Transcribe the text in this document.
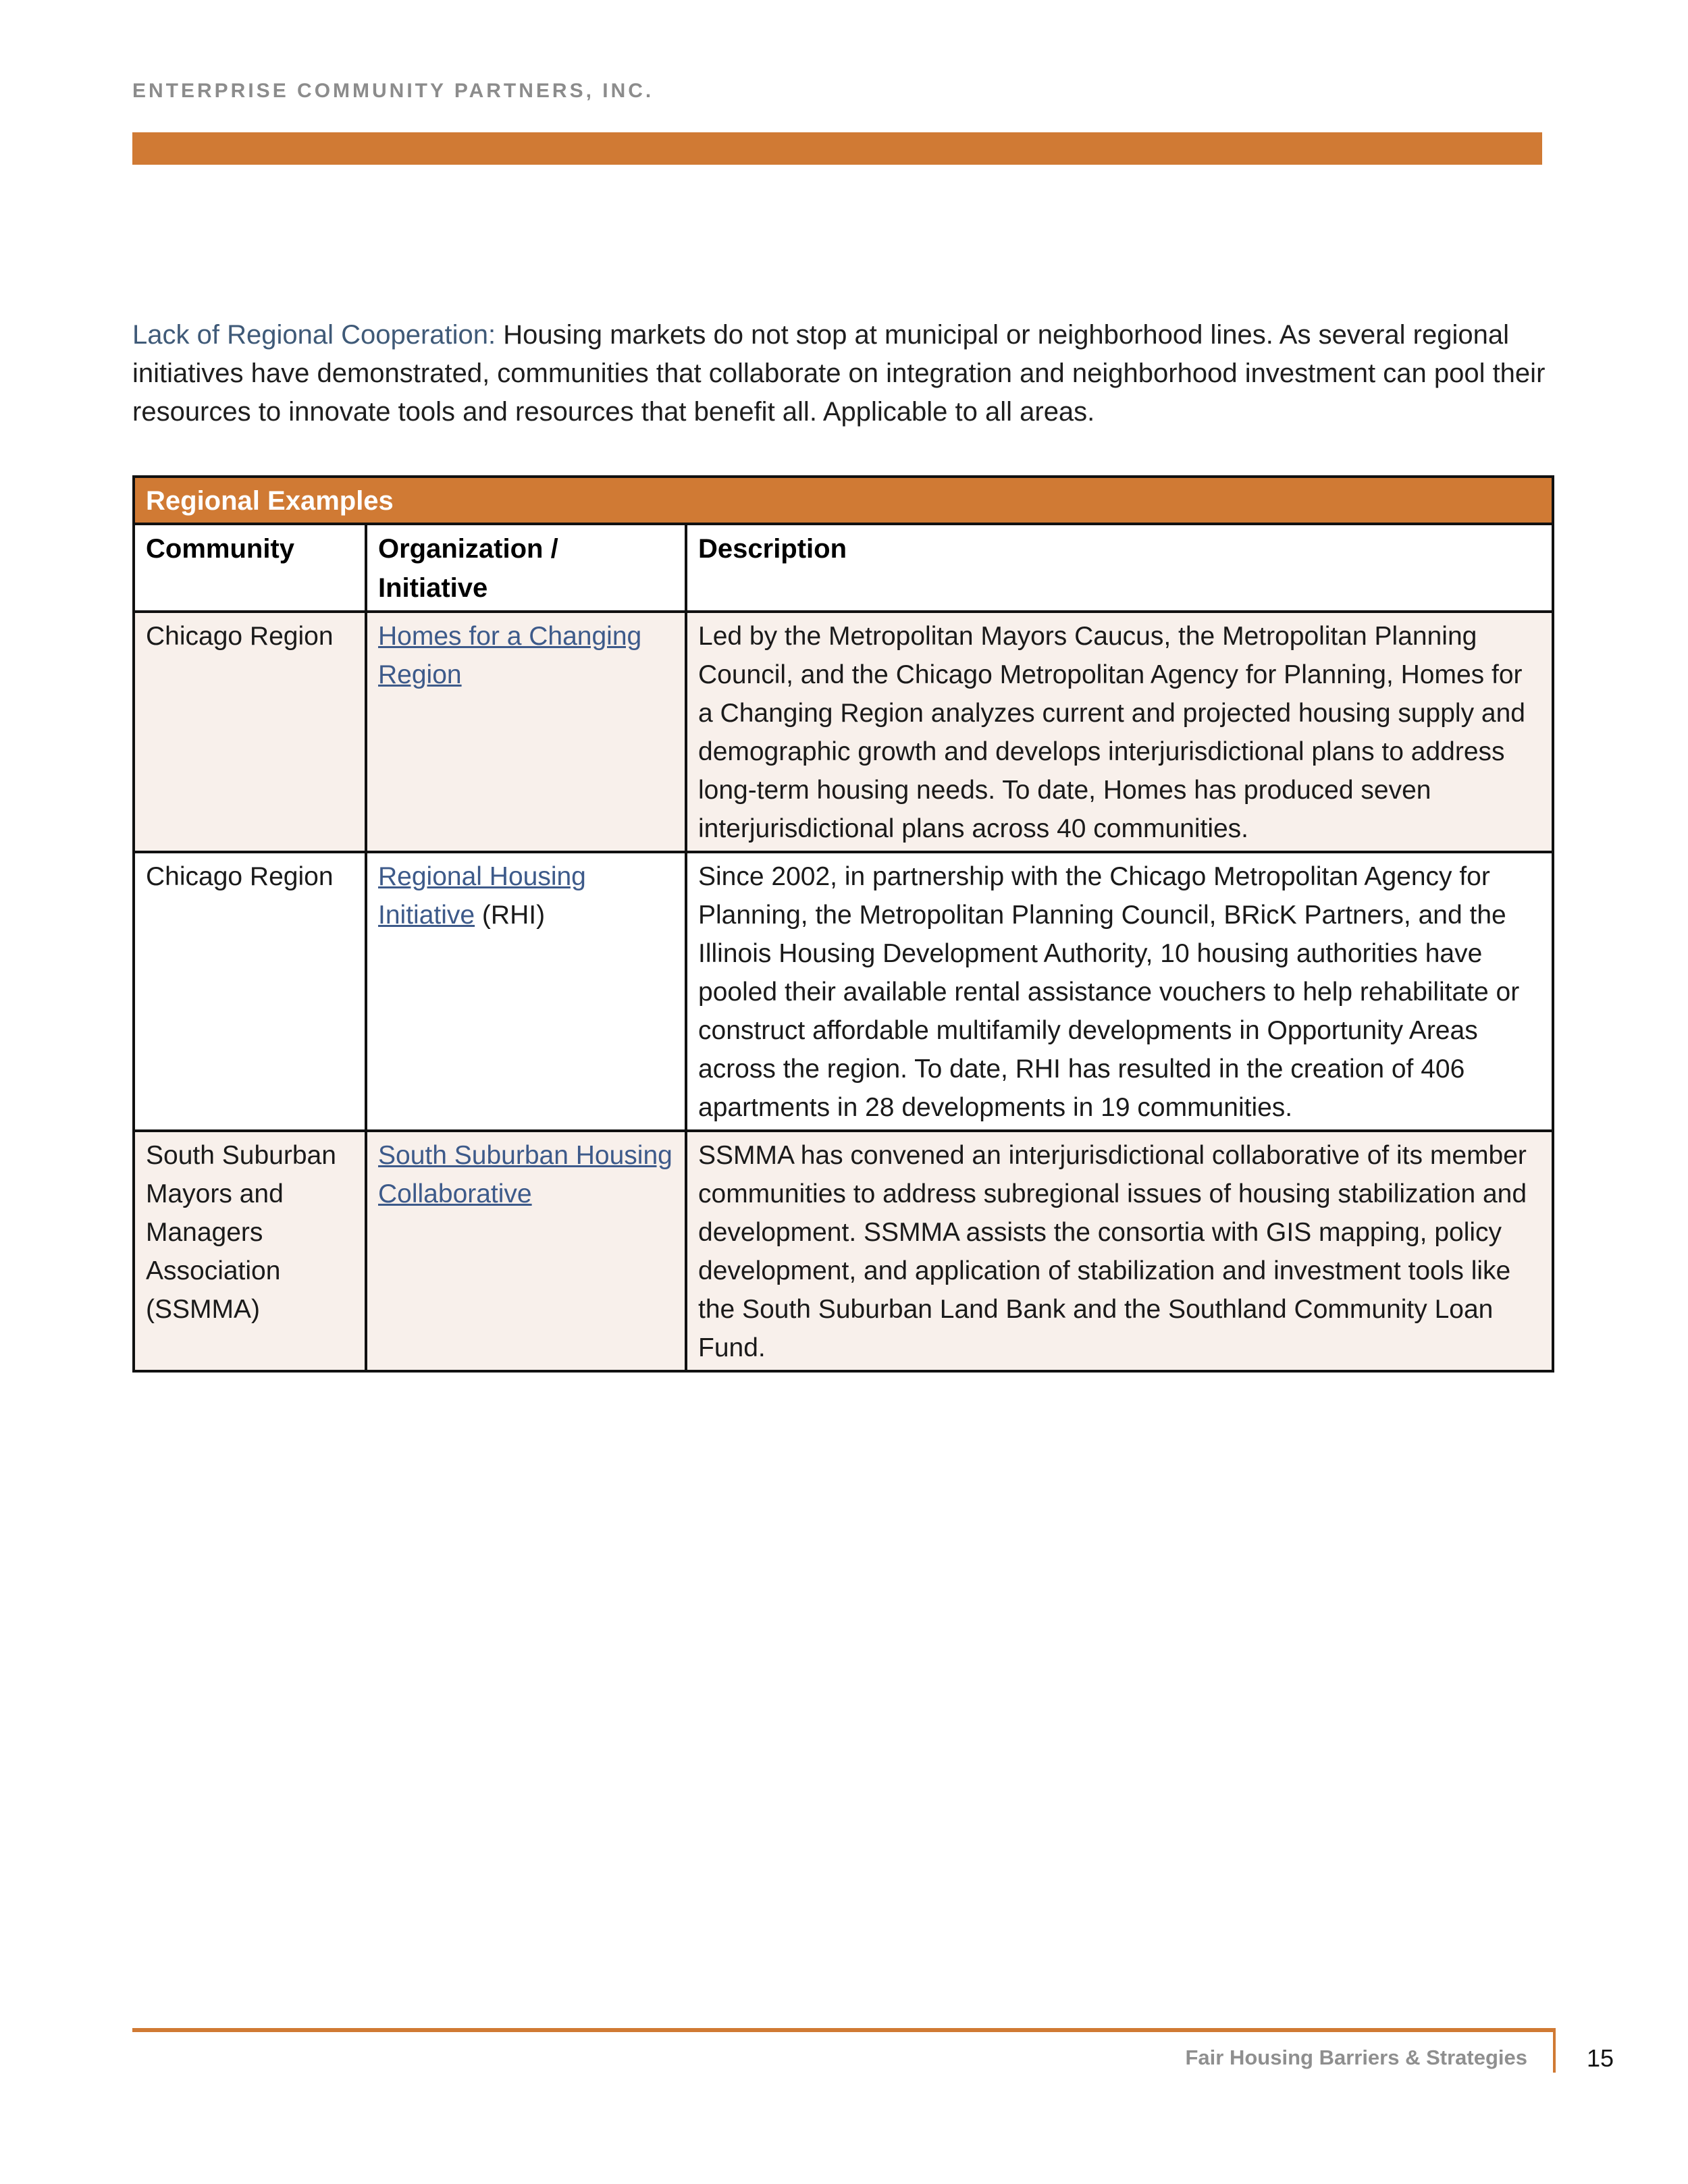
ENTERPRISE COMMUNITY PARTNERS, INC.

Lack of Regional Cooperation: Housing markets do not stop at municipal or neighborhood lines. As several regional initiatives have demonstrated, communities that collaborate on integration and neighborhood investment can pool their resources to innovate tools and resources that benefit all. Applicable to all areas.

Regional Examples		
Community	Organization / Initiative	Description
Chicago Region	Homes for a Changing Region	Led by the Metropolitan Mayors Caucus, the Metropolitan Planning Council, and the Chicago Metropolitan Agency for Planning, Homes for a Changing Region analyzes current and projected housing supply and demographic growth and develops interjurisdictional plans to address long-term housing needs. To date, Homes has produced seven interjurisdictional plans across 40 communities.
Chicago Region	Regional Housing Initiative (RHI)	Since 2002, in partnership with the Chicago Metropolitan Agency for Planning, the Metropolitan Planning Council, BRicK Partners, and the Illinois Housing Development Authority, 10 housing authorities have pooled their available rental assistance vouchers to help rehabilitate or construct affordable multifamily developments in Opportunity Areas across the region. To date, RHI has resulted in the creation of 406 apartments in 28 developments in 19 communities.
South Suburban Mayors and Managers Association (SSMMA)	South Suburban Housing Collaborative	SSMMA has convened an interjurisdictional collaborative of its member communities to address subregional issues of housing stabilization and development. SSMMA assists the consortia with GIS mapping, policy development, and application of stabilization and investment tools like the South Suburban Land Bank and the Southland Community Loan Fund.
Fair Housing Barriers & Strategies 15
